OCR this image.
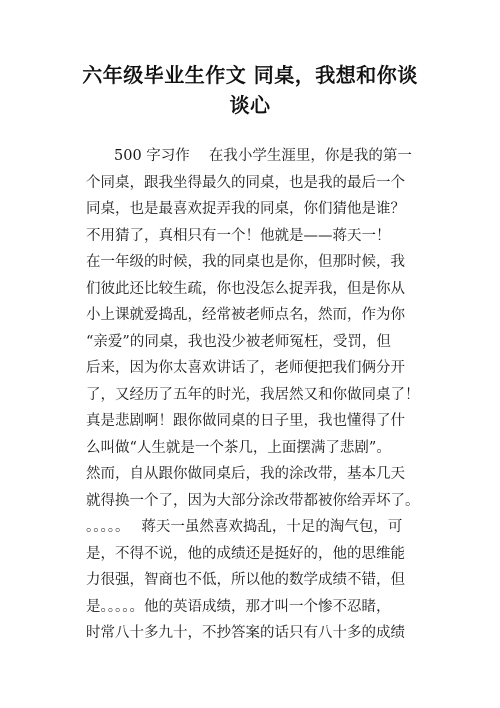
六年级毕业生作文 同桌，我想和你谈
谈心
500 字习作　 在我小学生涯里，你是我的第一
个同桌，跟我坐得最久的同桌，也是我的最后一个
同桌，也是最喜欢捉弄我的同桌，你们猜他是谁？
不用猜了，真相只有一个！他就是——蒋天一！
在一年级的时候，我的同桌也是你，但那时候，我
们彼此还比较生疏，你也没怎么捉弄我，但是你从
小上课就爱捣乱，经常被老师点名，然而，作为你
“亲爱”的同桌，我也没少被老师冤枉，受罚，但
后来，因为你太喜欢讲话了，老师便把我们俩分开
了，又经历了五年的时光，我居然又和你做同桌了！
真是悲剧啊！跟你做同桌的日子里，我也懂得了什
么叫做“人生就是一个茶几，上面摆满了悲剧”。
然而，自从跟你做同桌后，我的涂改带，基本几天
就得换一个了，因为大部分涂改带都被你给弄坏了。
。。。。。　 蒋天一虽然喜欢捣乱，十足的淘气包，可
是，不得不说，他的成绩还是挺好的，他的思维能
力很强，智商也不低，所以他的数学成绩不错，但
是。。。。。他的英语成绩，那才叫一个惨不忍睹，
时常八十多九十，不抄答案的话只有八十多的成绩
